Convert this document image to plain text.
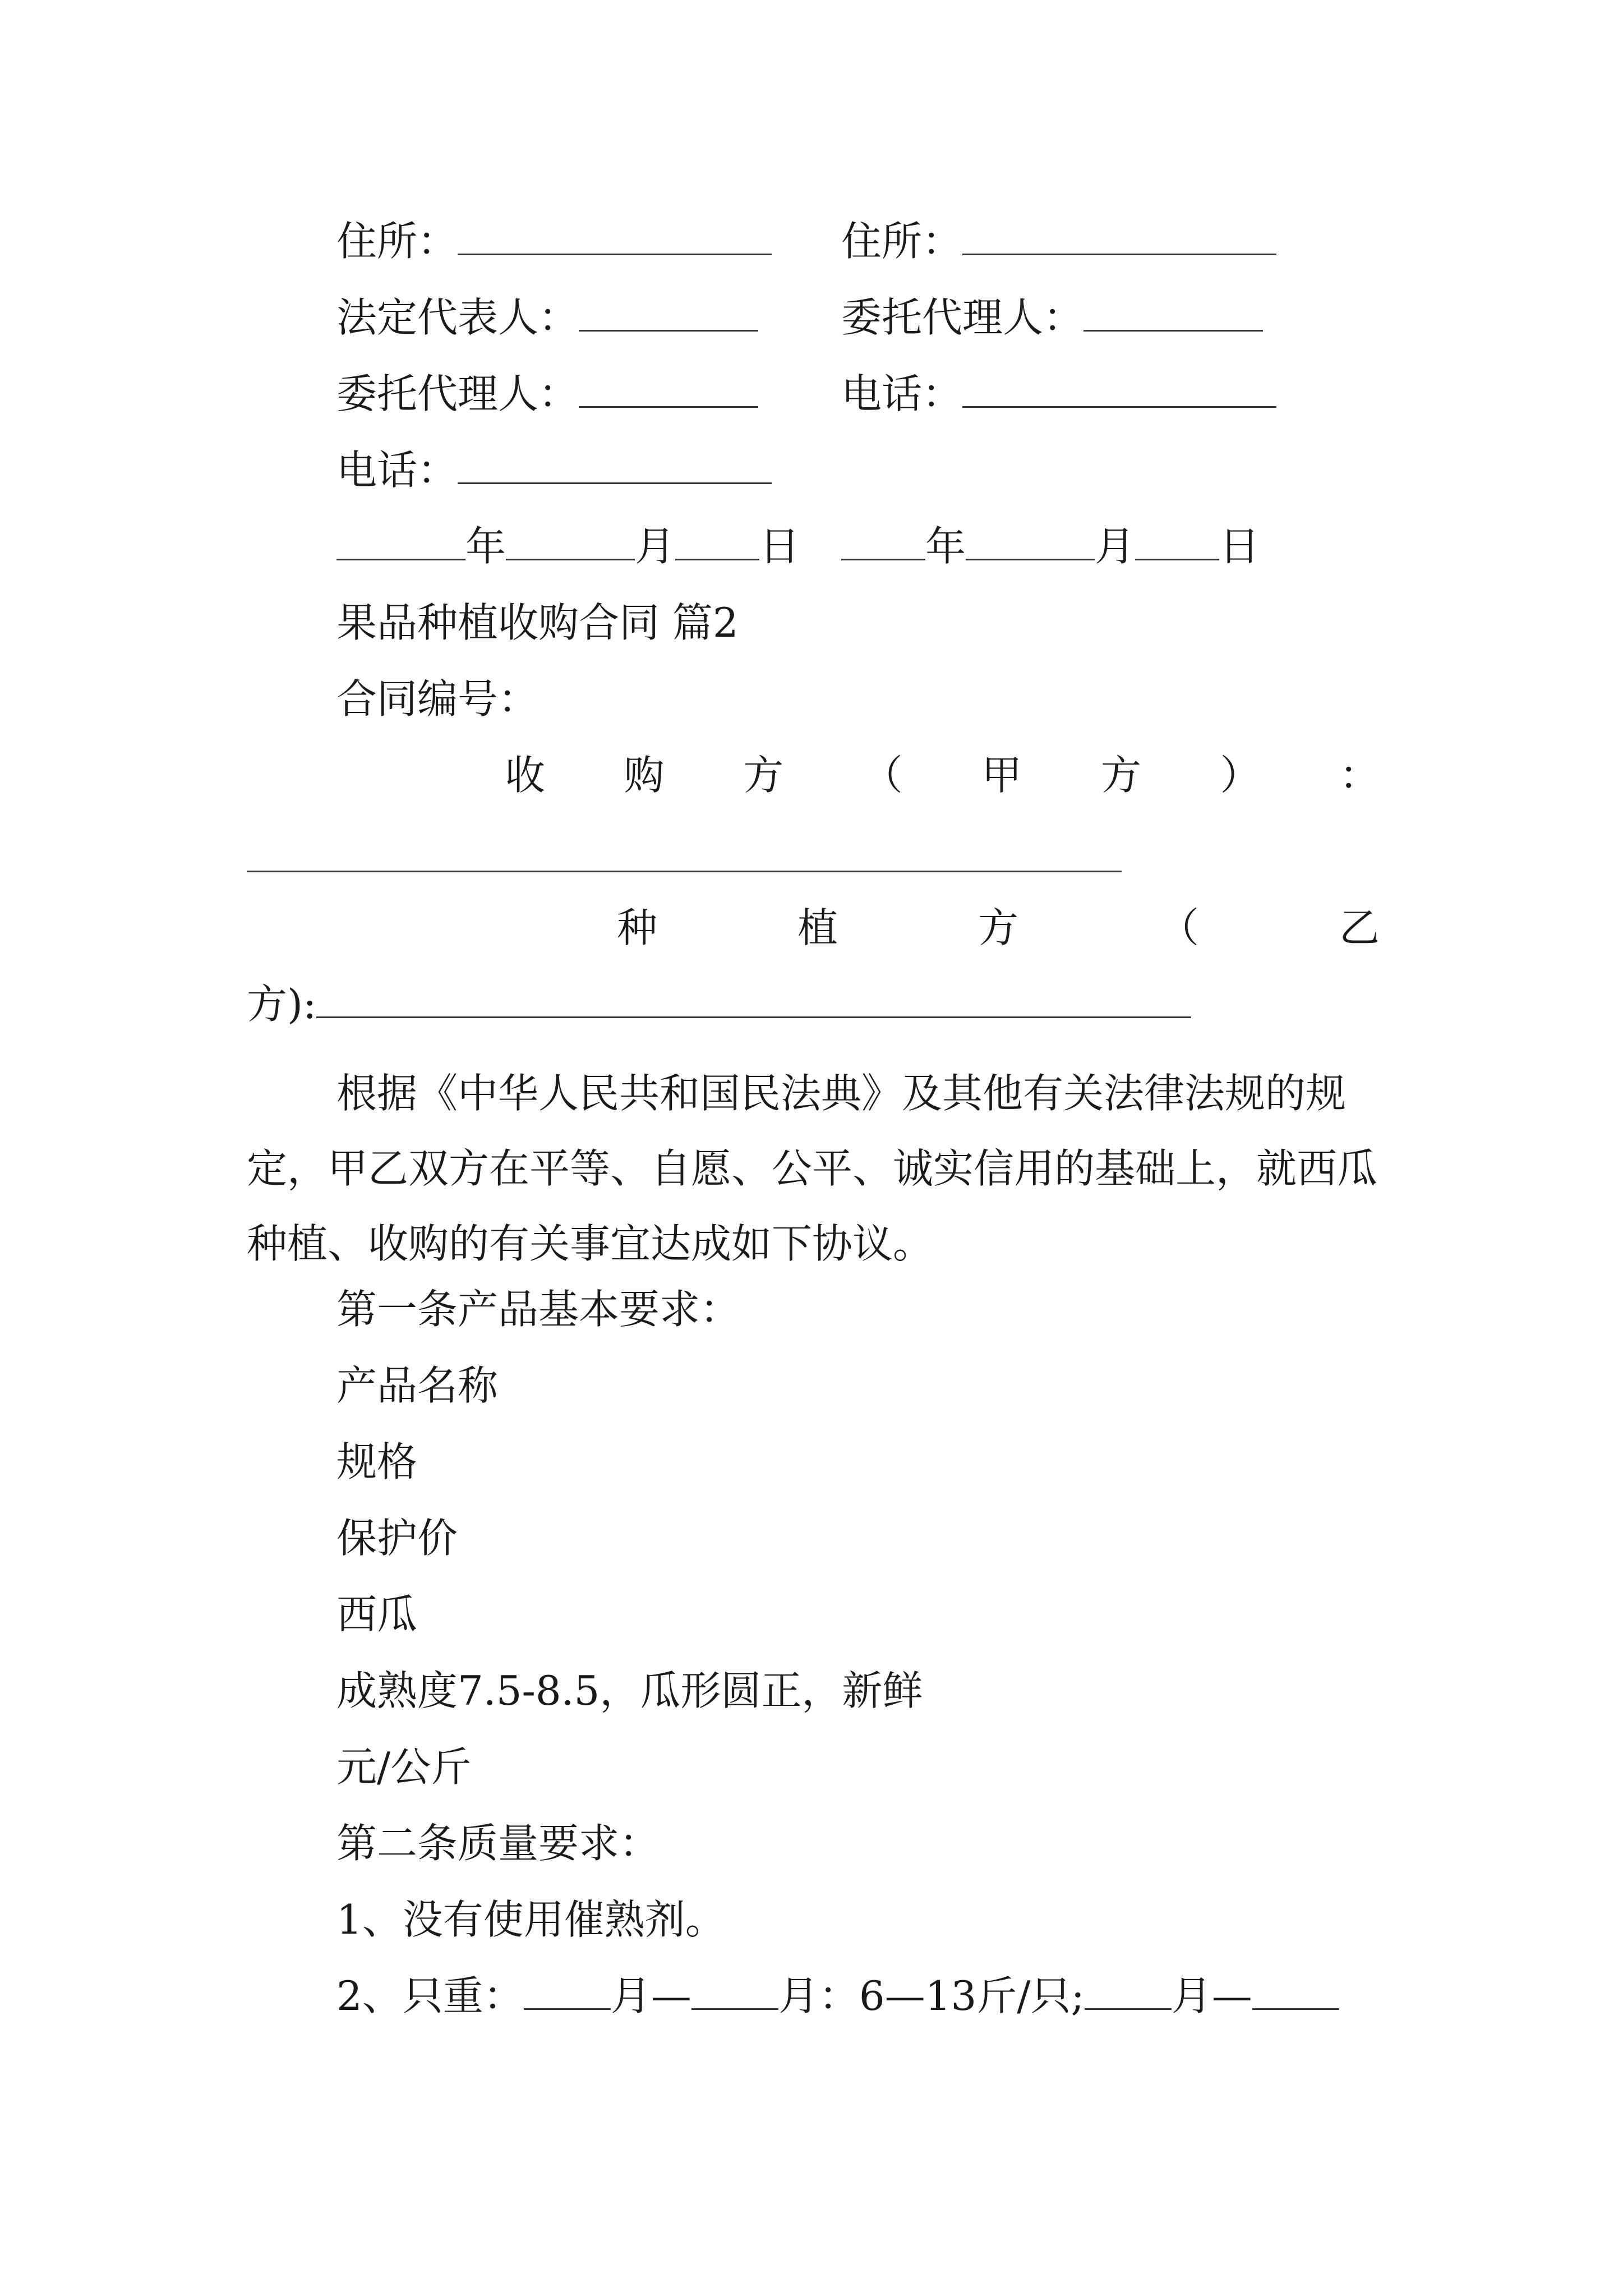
住所：	住所：
法定代表人：	委托代理人：
委托代理人：	电话：
电话：
年	月 日	年	月 日
果品种植收购合同 篇2
合同编号：
收 购 方 （ 甲 方 ） ：
种	植	方	（	乙
方):
根据《中华人民共和国民法典》及其他有关法律法规的规定，甲乙双方在平等、自愿、公平、诚实信用的基础上，就西瓜种植、收购的有关事宜达成如下协议。
第一条产品基本要求：
产品名称
规格
保护价
西瓜
成熟度7.5-8.5，瓜形圆正，新鲜
元/公斤
第二条质量要求：
1、没有使用催熟剂。
2、只重： 月— 月：6—13斤/只; 月—
